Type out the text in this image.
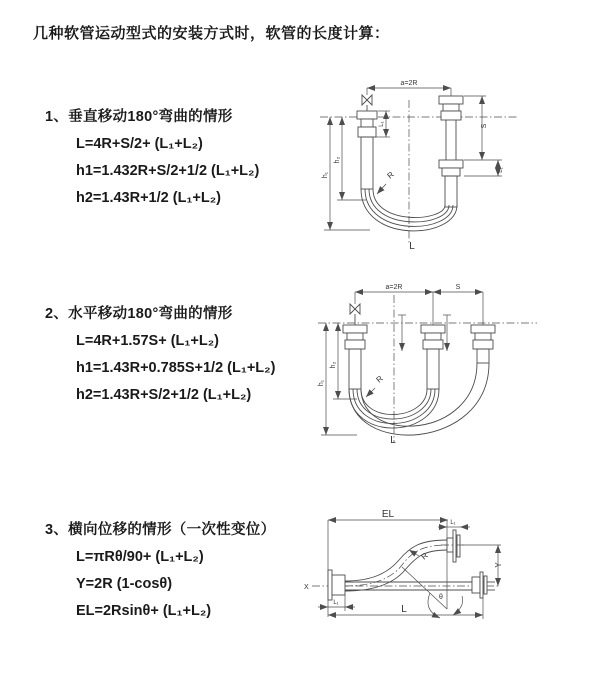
几种软管运动型式的安装方式时，软管的长度计算：
1、垂直移动180°弯曲的情形
L=4R+S/2+ (L₁+L₂)
h1=1.432R+S/2+1/2 (L₁+L₂)
h2=1.43R+1/2 (L₁+L₂)
2、水平移动180°弯曲的情形
L=4R+1.57S+ (L₁+L₂)
h1=1.43R+0.785S+1/2 (L₁+L₂)
h2=1.43R+S/2+1/2 (L₁+L₂)
3、横向位移的情形（一次性变位）
L=πRθ/90+ (L₁+L₂)
Y=2R (1-cosθ)
EL=2Rsinθ+ (L₁+L₂)
a=2R
R
h₁
h₂
S
L₁
L₁
L
a=2R	S
h₁
h₂
R
L
EL
L₁
Y
X
R
θ
L
L₁
